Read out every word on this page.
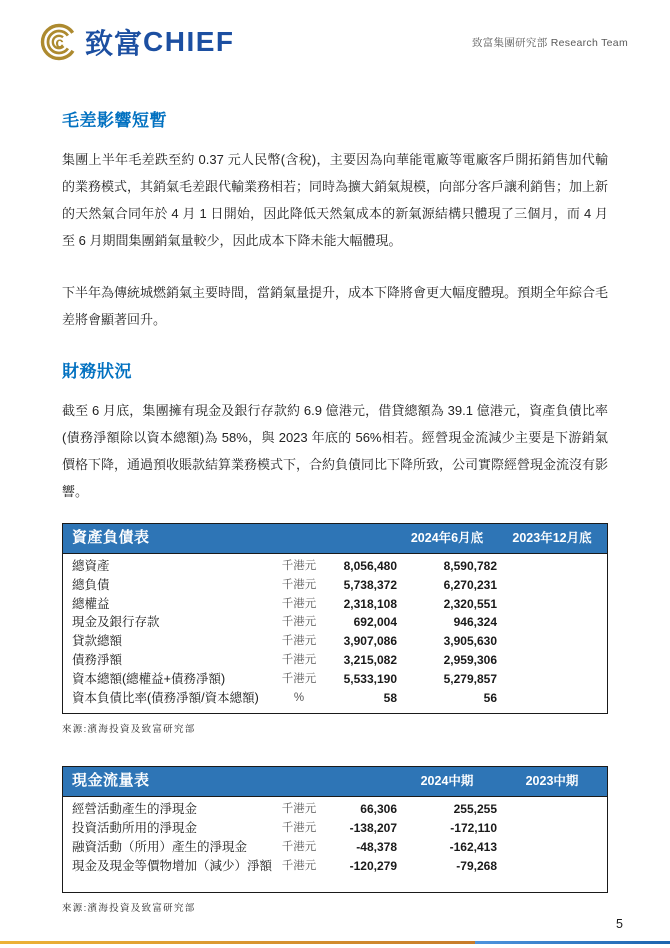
c 致富 CHIEF	致富集團研究部 Research Team
毛差影響短暫

集團上半年毛差跌至約 0.37 元人民幣(含稅)，主要因為向華能電廠等電廠客戶開拓銷售加代輸的業務模式，其銷氣毛差跟代輸業務相若；同時為擴大銷氣規模，向部分客戶讓利銷售；加上新的天然氣合同年於 4 月 1 日開始，因此降低天然氣成本的新氣源結構只體現了三個月，而 4 月至 6 月期間集團銷氣量較少，因此成本下降未能大幅體現。

下半年為傳統城燃銷氣主要時間，當銷氣量提升，成本下降將會更大幅度體現。預期全年綜合毛差將會顯著回升。

財務狀況

截至 6 月底，集團擁有現金及銀行存款約 6.9 億港元，借貸總額為 39.1 億港元，資產負債比率(債務淨額除以資本總額)為 58%，與 2023 年底的 56%相若。經營現金流減少主要是下游銷氣價格下降，通過預收賬款結算業務模式下，合約負債同比下降所致，公司實際經營現金流沒有影響。

資產負債表	2024年6月底	2023年12月底
總資產	千港元	8,056,480	8,590,782
總負債	千港元	5,738,372	6,270,231
總權益	千港元	2,318,108	2,320,551
現金及銀行存款	千港元	692,004	946,324
貸款總額	千港元	3,907,086	3,905,630
債務淨額	千港元	3,215,082	2,959,306
資本總額(總權益+債務凈額)	千港元	5,533,190	5,279,857
資本負債比率(債務凈額/資本總額)	%	58	56
來源:濱海投資及致富研究部
現金流量表	2024中期	2023中期
經營活動產生的淨現金	千港元	66,306	255,255
投資活動所用的淨現金	千港元	-138,207	-172,110
融資活動（所用）產生的淨現金	千港元	-48,378	-162,413
現金及現金等價物增加（減少）淨額 千港元	-120,279	-79,268
來源:濱海投資及致富研究部
5
